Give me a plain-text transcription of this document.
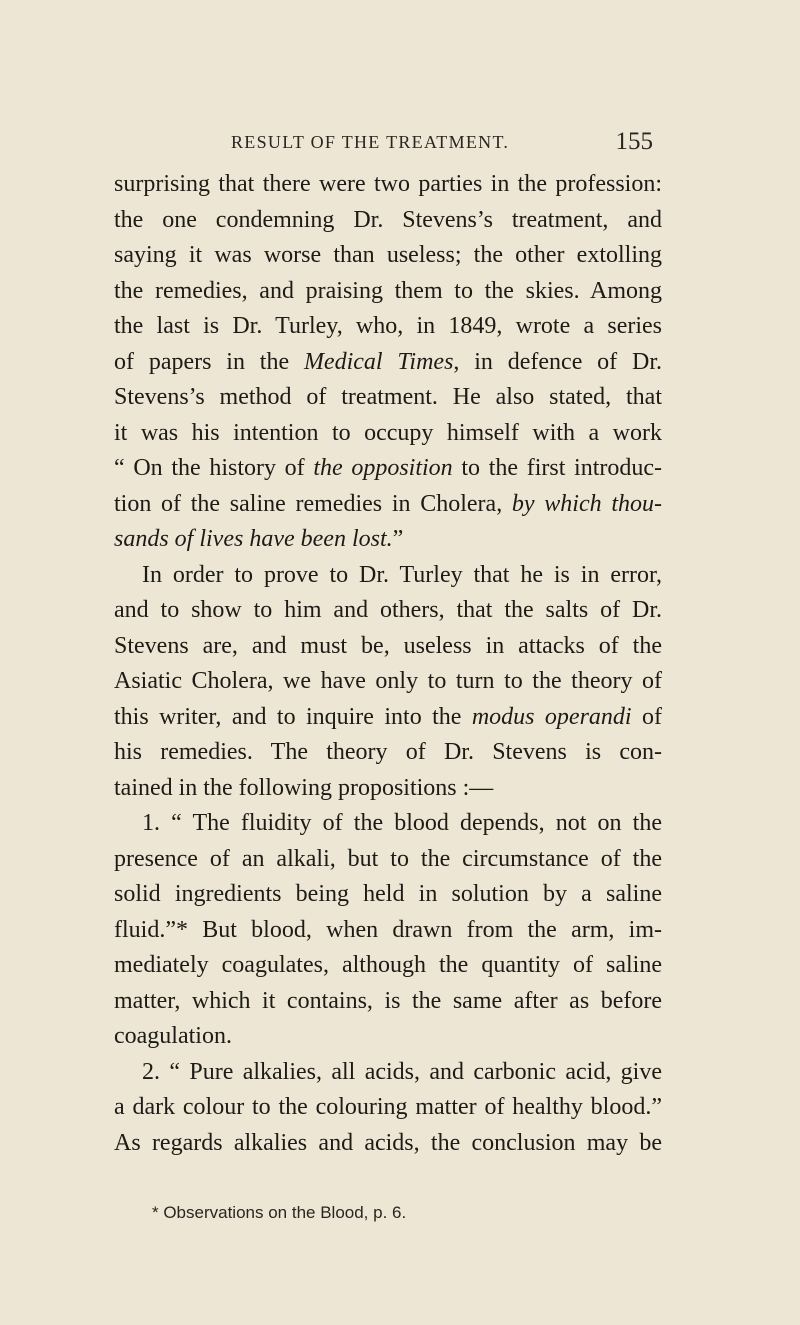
RESULT OF THE TREATMENT.	155
surprising that there were two parties in the profession:
the one condemning Dr. Stevens’s treatment, and
saying it was worse than useless; the other extolling
the remedies, and praising them to the skies. Among
the last is Dr. Turley, who, in 1849, wrote a series
of papers in the Medical Times, in defence of Dr.
Stevens’s method of treatment. He also stated, that
it was his intention to occupy himself with a work
“ On the history of the opposition to the first introduc-
tion of the saline remedies in Cholera, by which thou-
sands of lives have been lost.”
In order to prove to Dr. Turley that he is in error,
and to show to him and others, that the salts of Dr.
Stevens are, and must be, useless in attacks of the
Asiatic Cholera, we have only to turn to the theory of
this writer, and to inquire into the modus operandi of
his remedies. The theory of Dr. Stevens is con-
tained in the following propositions :—
1. “ The fluidity of the blood depends, not on the
presence of an alkali, but to the circumstance of the
solid ingredients being held in solution by a saline
fluid.”* But blood, when drawn from the arm, im-
mediately coagulates, although the quantity of saline
matter, which it contains, is the same after as before
coagulation.
2. “ Pure alkalies, all acids, and carbonic acid, give
a dark colour to the colouring matter of healthy blood.”
As regards alkalies and acids, the conclusion may be
* Observations on the Blood, p. 6.
